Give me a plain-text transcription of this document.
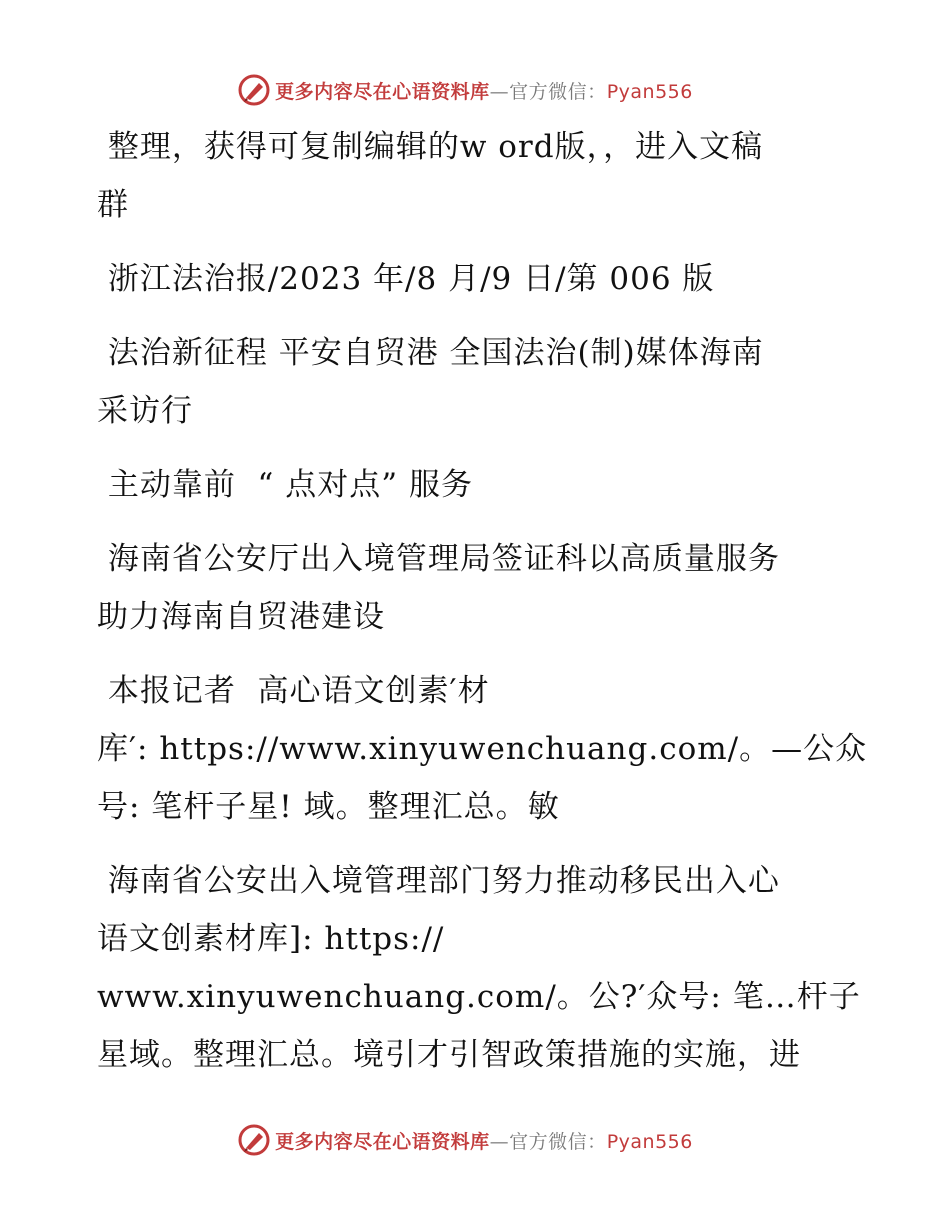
更多内容尽在心语资料库—官方微信：Pyan556
整理，获得可复制编辑的w ord版，，进入文稿
群
浙江法治报/2023 年/8 月/9 日/第 006 版
法治新征程 平安自贸港 全国法治(制)媒体海南
采访行
主动靠前  “ 点对点” 服务
海南省公安厅出入境管理局签证科以高质量服务
助力海南自贸港建设
本报记者  高心语文创素′材
库′: https://www.xinyuwenchuang.com/。—公众
号: 笔杆子星! 域。整理汇总。敏
海南省公安出入境管理部门努力推动移民出入心
语文创素材库]: https://
www.xinyuwenchuang.com/。公?′众号: 笔…杆子
星域。整理汇总。境引才引智政策措施的实施，进
更多内容尽在心语资料库—官方微信：Pyan556
